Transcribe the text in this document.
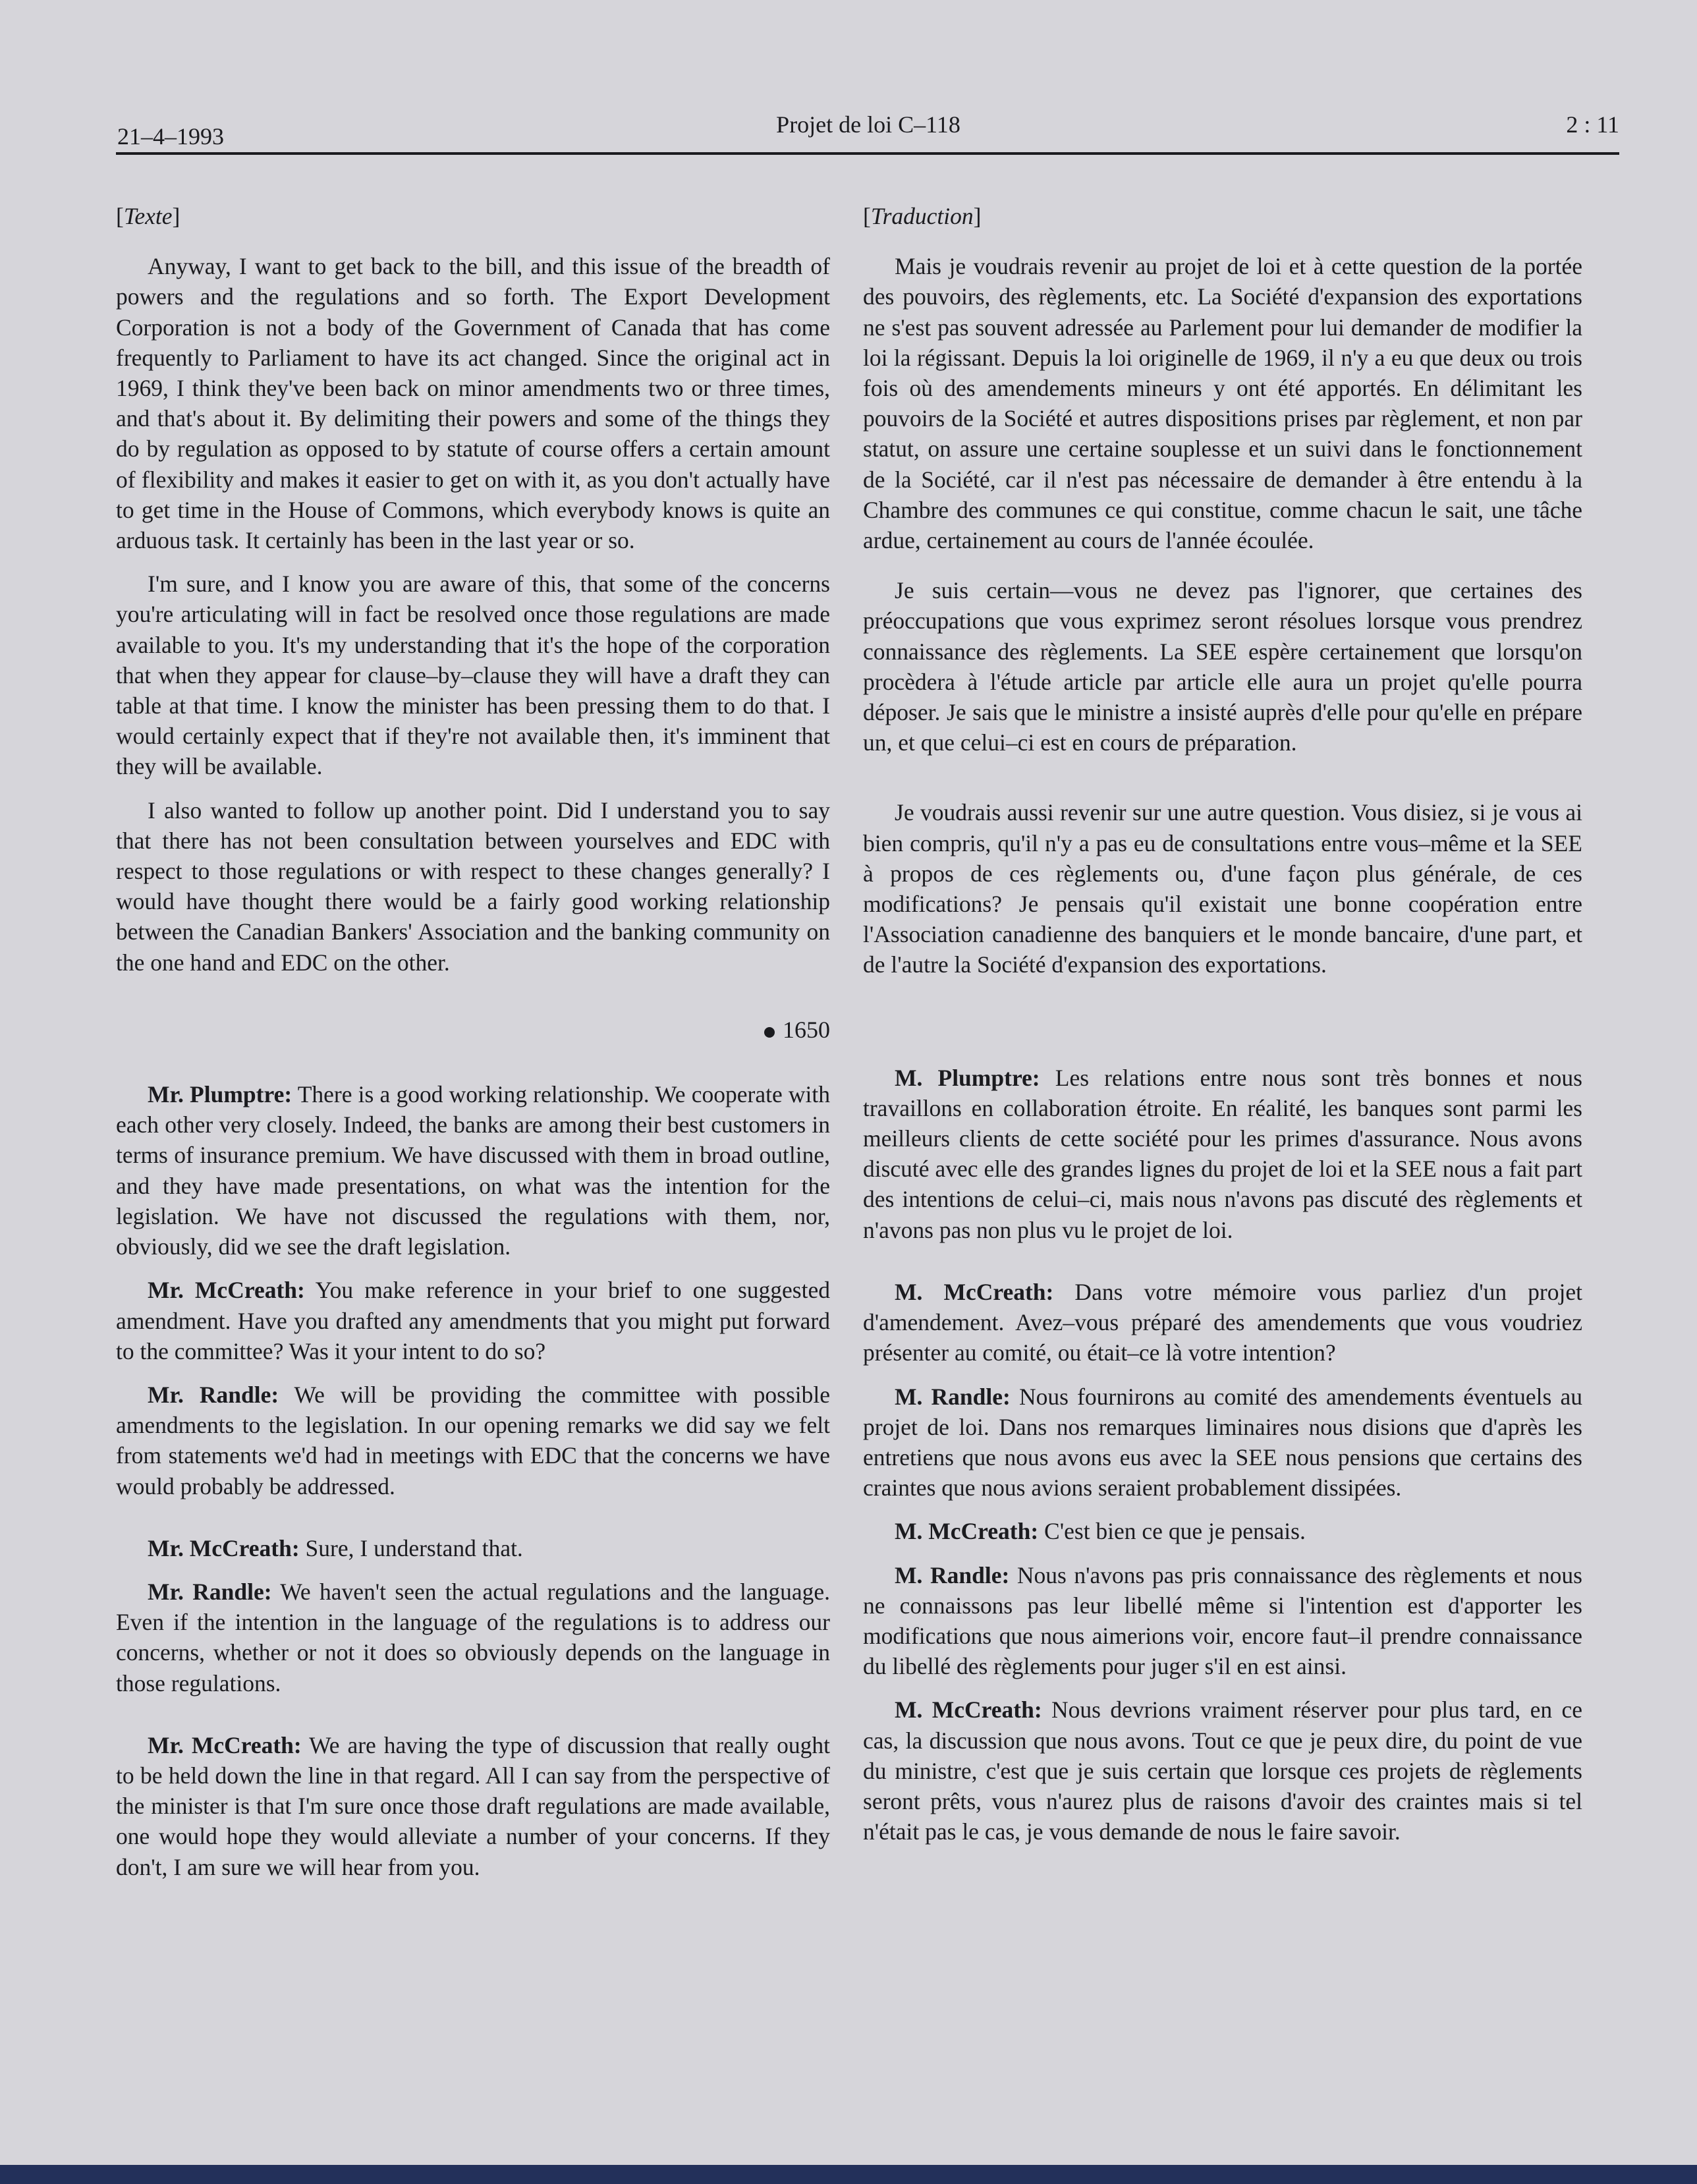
21–4–1993	Projet de loi C–118	2 : 11

[Texte]

Anyway, I want to get back to the bill, and this issue of the breadth of powers and the regulations and so forth. The Export Development Corporation is not a body of the Government of Canada that has come frequently to Parliament to have its act changed. Since the original act in 1969, I think they've been back on minor amendments two or three times, and that's about it. By delimiting their powers and some of the things they do by regulation as opposed to by statute of course offers a certain amount of flexibility and makes it easier to get on with it, as you don't actually have to get time in the House of Commons, which everybody knows is quite an arduous task. It certainly has been in the last year or so.

I'm sure, and I know you are aware of this, that some of the concerns you're articulating will in fact be resolved once those regulations are made available to you. It's my understanding that it's the hope of the corporation that when they appear for clause–by–clause they will have a draft they can table at that time. I know the minister has been pressing them to do that. I would certainly expect that if they're not available then, it's imminent that they will be available.

I also wanted to follow up another point. Did I understand you to say that there has not been consultation between yourselves and EDC with respect to those regulations or with respect to these changes generally? I would have thought there would be a fairly good working relationship between the Canadian Bankers' Association and the banking community on the one hand and EDC on the other.

1650

Mr. Plumptre: There is a good working relationship. We cooperate with each other very closely. Indeed, the banks are among their best customers in terms of insurance premium. We have discussed with them in broad outline, and they have made presentations, on what was the intention for the legislation. We have not discussed the regulations with them, nor, obviously, did we see the draft legislation.

Mr. McCreath: You make reference in your brief to one suggested amendment. Have you drafted any amendments that you might put forward to the committee? Was it your intent to do so?

Mr. Randle: We will be providing the committee with possible amendments to the legislation. In our opening remarks we did say we felt from statements we'd had in meetings with EDC that the concerns we have would probably be addressed.

Mr. McCreath: Sure, I understand that.

Mr. Randle: We haven't seen the actual regulations and the language. Even if the intention in the language of the regulations is to address our concerns, whether or not it does so obviously depends on the language in those regulations.

Mr. McCreath: We are having the type of discussion that really ought to be held down the line in that regard. All I can say from the perspective of the minister is that I'm sure once those draft regulations are made available, one would hope they would alleviate a number of your concerns. If they don't, I am sure we will hear from you.

[Traduction]

Mais je voudrais revenir au projet de loi et à cette question de la portée des pouvoirs, des règlements, etc. La Société d'expansion des exportations ne s'est pas souvent adressée au Parlement pour lui demander de modifier la loi la régissant. Depuis la loi originelle de 1969, il n'y a eu que deux ou trois fois où des amendements mineurs y ont été apportés. En délimitant les pouvoirs de la Société et autres dispositions prises par règlement, et non par statut, on assure une certaine souplesse et un suivi dans le fonctionnement de la Société, car il n'est pas nécessaire de demander à être entendu à la Chambre des communes ce qui constitue, comme chacun le sait, une tâche ardue, certainement au cours de l'année écoulée.

Je suis certain—vous ne devez pas l'ignorer, que certaines des préoccupations que vous exprimez seront résolues lorsque vous prendrez connaissance des règlements. La SEE espère certainement que lorsqu'on procèdera à l'étude article par article elle aura un projet qu'elle pourra déposer. Je sais que le ministre a insisté auprès d'elle pour qu'elle en prépare un, et que celui–ci est en cours de préparation.

Je voudrais aussi revenir sur une autre question. Vous disiez, si je vous ai bien compris, qu'il n'y a pas eu de consultations entre vous–même et la SEE à propos de ces règlements ou, d'une façon plus générale, de ces modifications? Je pensais qu'il existait une bonne coopération entre l'Association canadienne des banquiers et le monde bancaire, d'une part, et de l'autre la Société d'expansion des exportations.

M. Plumptre: Les relations entre nous sont très bonnes et nous travaillons en collaboration étroite. En réalité, les banques sont parmi les meilleurs clients de cette société pour les primes d'assurance. Nous avons discuté avec elle des grandes lignes du projet de loi et la SEE nous a fait part des intentions de celui–ci, mais nous n'avons pas discuté des règlements et n'avons pas non plus vu le projet de loi.

M. McCreath: Dans votre mémoire vous parliez d'un projet d'amendement. Avez–vous préparé des amendements que vous voudriez présenter au comité, ou était–ce là votre intention?

M. Randle: Nous fournirons au comité des amendements éventuels au projet de loi. Dans nos remarques liminaires nous disions que d'après les entretiens que nous avons eus avec la SEE nous pensions que certains des craintes que nous avions seraient probablement dissipées.

M. McCreath: C'est bien ce que je pensais.

M. Randle: Nous n'avons pas pris connaissance des règlements et nous ne connaissons pas leur libellé même si l'intention est d'apporter les modifications que nous aimerions voir, encore faut–il prendre connaissance du libellé des règlements pour juger s'il en est ainsi.

M. McCreath: Nous devrions vraiment réserver pour plus tard, en ce cas, la discussion que nous avons. Tout ce que je peux dire, du point de vue du ministre, c'est que je suis certain que lorsque ces projets de règlements seront prêts, vous n'aurez plus de raisons d'avoir des craintes mais si tel n'était pas le cas, je vous demande de nous le faire savoir.
